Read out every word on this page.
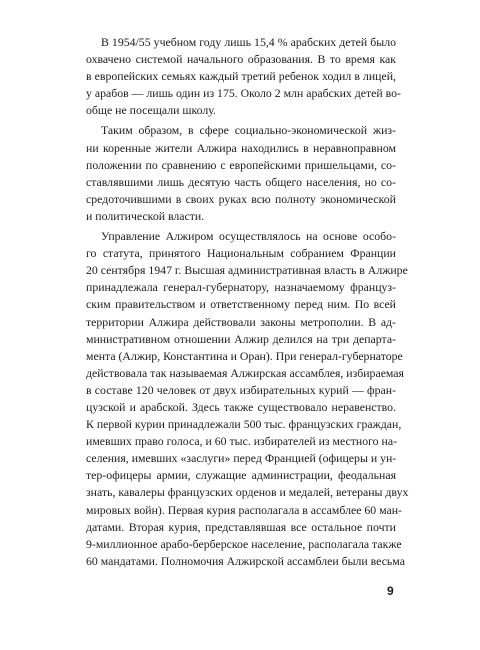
В 1954/55 учебном году лишь 15,4 % арабских детей было
охвачено системой начального образования. В то время как
в европейских семьях каждый третий ребенок ходил в лицей,
у арабов — лишь один из 175. Около 2 млн арабских детей во-
обще не посещали школу.
Таким образом, в сфере социально-экономической жиз-
ни коренные жители Алжира находились в неравноправном
положении по сравнению с европейскими пришельцами, со-
ставлявшими лишь десятую часть общего населения, но со-
средоточившими в своих руках всю полноту экономической
и политической власти.
Управление Алжиром осуществлялось на основе особо-
го статута, принятого Национальным собранием Франции
20 сентября 1947 г. Высшая административная власть в Алжире
принадлежала генерал-губернатору, назначаемому француз-
ским правительством и ответственному перед ним. По всей
территории Алжира действовали законы метрополии. В ад-
министративном отношении Алжир делился на три департа-
мента (Алжир, Константина и Оран). При генерал-губернаторе
действовала так называемая Алжирская ассамблея, избираемая
в составе 120 человек от двух избирательных курий — фран-
цузской и арабской. Здесь также существовало неравенство.
К первой курии принадлежали 500 тыс. французских граждан,
имевших право голоса, и 60 тыс. избирателей из местного на-
селения, имевших «заслуги» перед Францией (офицеры и ун-
тер-офицеры армии, служащие администрации, феодальная
знать, кавалеры французских орденов и медалей, ветераны двух
мировых войн). Первая курия располагала в ассамблее 60 ман-
датами. Вторая курия, представлявшая все остальное почти
9-миллионное арабо-берберское население, располагала также
60 мандатами. Полномочия Алжирской ассамблеи были весьма
9
